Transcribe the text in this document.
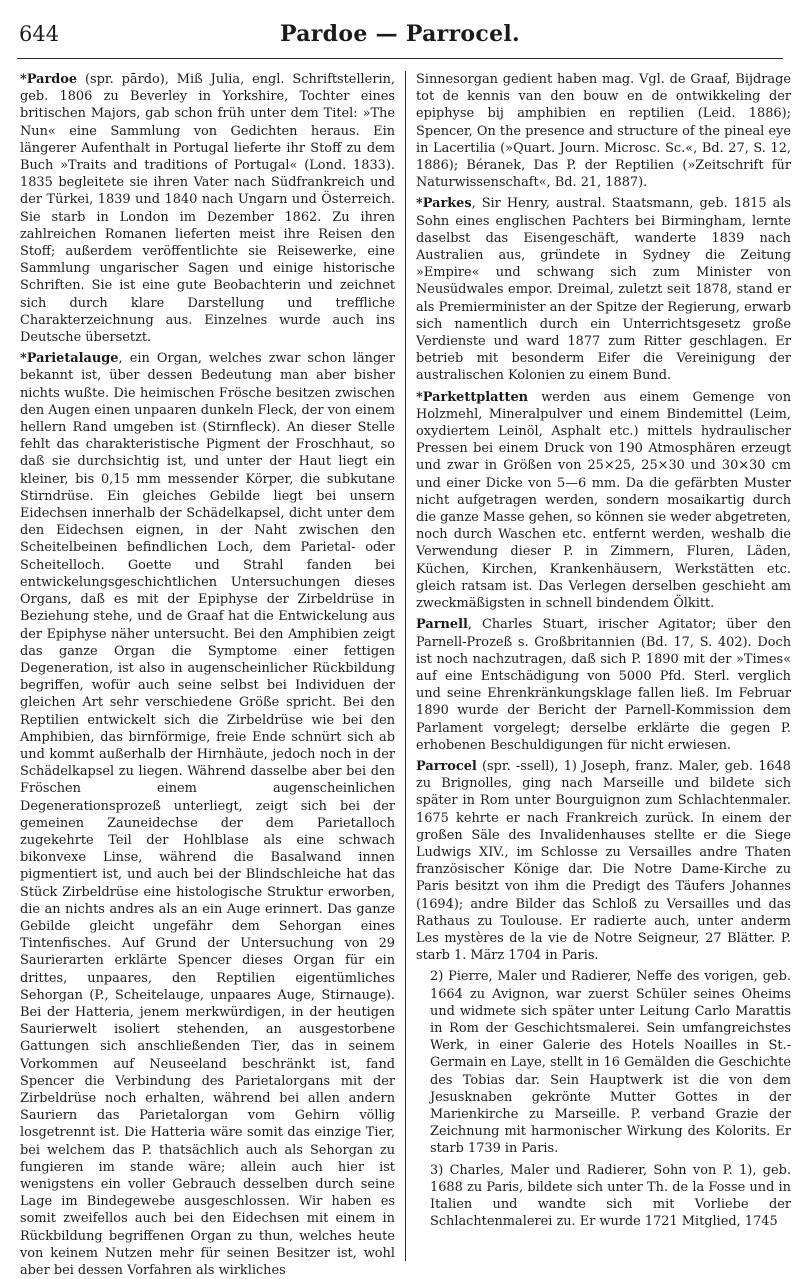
644	Pardoe — Parrocel.

*Pardoe (spr. pārdo), Miß Julia, engl. Schriftstellerin, geb. 1806 zu Beverley in Yorkshire, Tochter eines britischen Majors, gab schon früh unter dem Titel: »The Nun« eine Sammlung von Gedichten heraus. Ein längerer Aufenthalt in Portugal lieferte ihr Stoff zu dem Buch »Traits and traditions of Portugal« (Lond. 1833). 1835 begleitete sie ihren Vater nach Südfrankreich und der Türkei, 1839 und 1840 nach Ungarn und Österreich. Sie starb in London im Dezember 1862. Zu ihren zahlreichen Romanen lieferten meist ihre Reisen den Stoff; außerdem veröffentlichte sie Reisewerke, eine Sammlung ungarischer Sagen und einige historische Schriften. Sie ist eine gute Beobachterin und zeichnet sich durch klare Darstellung und treffliche Charakterzeichnung aus. Einzelnes wurde auch ins Deutsche übersetzt.

*Parietalauge, ein Organ, welches zwar schon länger bekannt ist, über dessen Bedeutung man aber bisher nichts wußte. Die heimischen Frösche besitzen zwischen den Augen einen unpaaren dunkeln Fleck, der von einem hellern Rand umgeben ist (Stirnfleck). An dieser Stelle fehlt das charakteristische Pigment der Froschhaut, so daß sie durchsichtig ist, und unter der Haut liegt ein kleiner, bis 0,15 mm messender Körper, die subkutane Stirndrüse. Ein gleiches Gebilde liegt bei unsern Eidechsen innerhalb der Schädelkapsel, dicht unter dem den Eidechsen eignen, in der Naht zwischen den Scheitelbeinen befindlichen Loch, dem Parietal- oder Scheitelloch. Goette und Strahl fanden bei entwickelungsgeschichtlichen Untersuchungen dieses Organs, daß es mit der Epiphyse der Zirbeldrüse in Beziehung stehe, und de Graaf hat die Entwickelung aus der Epiphyse näher untersucht. Bei den Amphibien zeigt das ganze Organ die Symptome einer fettigen Degeneration, ist also in augenscheinlicher Rückbildung begriffen, wofür auch seine selbst bei Individuen der gleichen Art sehr verschiedene Größe spricht. Bei den Reptilien entwickelt sich die Zirbeldrüse wie bei den Amphibien, das birnförmige, freie Ende schnürt sich ab und kommt außerhalb der Hirnhäute, jedoch noch in der Schädelkapsel zu liegen. Während dasselbe aber bei den Fröschen einem augenscheinlichen Degenerationsprozeß unterliegt, zeigt sich bei der gemeinen Zauneidechse der dem Parietalloch zugekehrte Teil der Hohlblase als eine schwach bikonvexe Linse, während die Basalwand innen pigmentiert ist, und auch bei der Blindschleiche hat das Stück Zirbeldrüse eine histologische Struktur erworben, die an nichts andres als an ein Auge erinnert. Das ganze Gebilde gleicht ungefähr dem Sehorgan eines Tintenfisches. Auf Grund der Untersuchung von 29 Saurierarten erklärte Spencer dieses Organ für ein drittes, unpaares, den Reptilien eigentümliches Sehorgan (P., Scheitelauge, unpaares Auge, Stirnauge). Bei der Hatteria, jenem merkwürdigen, in der heutigen Saurierwelt isoliert stehenden, an ausgestorbene Gattungen sich anschließenden Tier, das in seinem Vorkommen auf Neuseeland beschränkt ist, fand Spencer die Verbindung des Parietalorgans mit der Zirbeldrüse noch erhalten, während bei allen andern Sauriern das Parietalorgan vom Gehirn völlig losgetrennt ist. Die Hatteria wäre somit das einzige Tier, bei welchem das P. thatsächlich auch als Sehorgan zu fungieren im stande wäre; allein auch hier ist wenigstens ein voller Gebrauch desselben durch seine Lage im Bindegewebe ausgeschlossen. Wir haben es somit zweifellos auch bei den Eidechsen mit einem in Rückbildung begriffenen Organ zu thun, welches heute von keinem Nutzen mehr für seinen Besitzer ist, wohl aber bei dessen Vorfahren als wirkliches

Sinnesorgan gedient haben mag. Vgl. de Graaf, Bijdrage tot de kennis van den bouw en de ontwikkeling der epiphyse bij amphibien en reptilien (Leid. 1886); Spencer, On the presence and structure of the pineal eye in Lacertilia (»Quart. Journ. Microsc. Sc.«, Bd. 27, S. 12, 1886); Béranek, Das P. der Reptilien (»Zeitschrift für Naturwissenschaft«, Bd. 21, 1887).

*Parkes, Sir Henry, austral. Staatsmann, geb. 1815 als Sohn eines englischen Pachters bei Birmingham, lernte daselbst das Eisengeschäft, wanderte 1839 nach Australien aus, gründete in Sydney die Zeitung »Empire« und schwang sich zum Minister von Neusüdwales empor. Dreimal, zuletzt seit 1878, stand er als Premierminister an der Spitze der Regierung, erwarb sich namentlich durch ein Unterrichtsgesetz große Verdienste und ward 1877 zum Ritter geschlagen. Er betrieb mit besonderm Eifer die Vereinigung der australischen Kolonien zu einem Bund.

*Parkettplatten werden aus einem Gemenge von Holzmehl, Mineralpulver und einem Bindemittel (Leim, oxydiertem Leinöl, Asphalt etc.) mittels hydraulischer Pressen bei einem Druck von 190 Atmosphären erzeugt und zwar in Größen von 25×25, 25×30 und 30×30 cm und einer Dicke von 5—6 mm. Da die gefärbten Muster nicht aufgetragen werden, sondern mosaikartig durch die ganze Masse gehen, so können sie weder abgetreten, noch durch Waschen etc. entfernt werden, weshalb die Verwendung dieser P. in Zimmern, Fluren, Läden, Küchen, Kirchen, Krankenhäusern, Werkstätten etc. gleich ratsam ist. Das Verlegen derselben geschieht am zweckmäßigsten in schnell bindendem Ölkitt.

Parnell, Charles Stuart, irischer Agitator; über den Parnell-Prozeß s. Großbritannien (Bd. 17, S. 402). Doch ist noch nachzutragen, daß sich P. 1890 mit der »Times« auf eine Entschädigung von 5000 Pfd. Sterl. verglich und seine Ehrenkränkungsklage fallen ließ. Im Februar 1890 wurde der Bericht der Parnell-Kommission dem Parlament vorgelegt; derselbe erklärte die gegen P. erhobenen Beschuldigungen für nicht erwiesen.

Parrocel (spr. -ssell), 1) Joseph, franz. Maler, geb. 1648 zu Brignolles, ging nach Marseille und bildete sich später in Rom unter Bourguignon zum Schlachtenmaler. 1675 kehrte er nach Frankreich zurück. In einem der großen Säle des Invalidenhauses stellte er die Siege Ludwigs XIV., im Schlosse zu Versailles andre Thaten französischer Könige dar. Die Notre Dame-Kirche zu Paris besitzt von ihm die Predigt des Täufers Johannes (1694); andre Bilder das Schloß zu Versailles und das Rathaus zu Toulouse. Er radierte auch, unter anderm Les mystères de la vie de Notre Seigneur, 27 Blätter. P. starb 1. März 1704 in Paris.

2) Pierre, Maler und Radierer, Neffe des vorigen, geb. 1664 zu Avignon, war zuerst Schüler seines Oheims und widmete sich später unter Leitung Carlo Marattis in Rom der Geschichtsmalerei. Sein umfangreichstes Werk, in einer Galerie des Hotels Noailles in St.-Germain en Laye, stellt in 16 Gemälden die Geschichte des Tobias dar. Sein Hauptwerk ist die von dem Jesusknaben gekrönte Mutter Gottes in der Marienkirche zu Marseille. P. verband Grazie der Zeichnung mit harmonischer Wirkung des Kolorits. Er starb 1739 in Paris.

3) Charles, Maler und Radierer, Sohn von P. 1), geb. 1688 zu Paris, bildete sich unter Th. de la Fosse und in Italien und wandte sich mit Vorliebe der Schlachtenmalerei zu. Er wurde 1721 Mitglied, 1745
